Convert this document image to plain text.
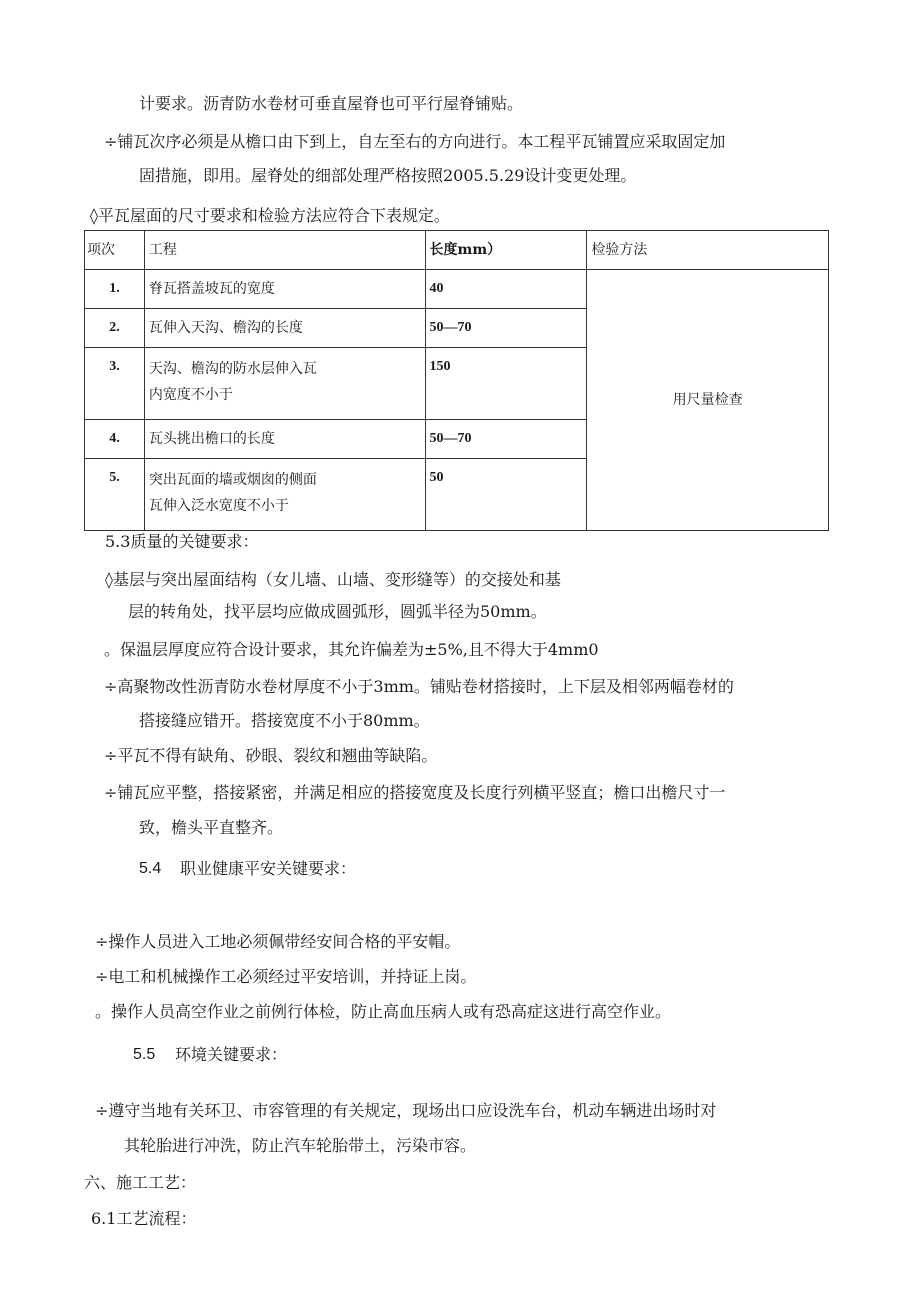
计要求。沥青防水卷材可垂直屋脊也可平行屋脊铺贴。
÷铺瓦次序必须是从檐口由下到上，自左至右的方向进行。本工程平瓦铺置应采取固定加
固措施，即用。屋脊处的细部处理严格按照2005.5.29设计变更处理。
◊平瓦屋面的尺寸要求和检验方法应符合下表规定。
项次	工程	长度mm）	检验方法

1.	脊瓦搭盖坡瓦的宽度	40	用尺量检查

2.	瓦伸入天沟、檐沟的长度	50—70	

3.	天沟、檐沟的防水层伸入瓦
内宽度不小于	150	

4.	瓦头挑出檐口的长度	50—70	

5.	突出瓦面的墙或烟囱的侧面
瓦伸入泛水宽度不小于	50	
5.3质量的关键要求：
◊基层与突出屋面结构（女儿墙、山墙、变形缝等）的交接处和基
层的转角处，找平层均应做成圆弧形，圆弧半径为50mm。
。保温层厚度应符合设计要求，其允许偏差为±5%,且不得大于4mm0
÷高聚物改性沥青防水卷材厚度不小于3mm。铺贴卷材搭接时，上下层及相邻两幅卷材的
搭接缝应错开。搭接宽度不小于80mm。
÷平瓦不得有缺角、砂眼、裂纹和翘曲等缺陷。
÷铺瓦应平整，搭接紧密，并满足相应的搭接宽度及长度行列横平竖直；檐口出檐尺寸一
致，檐头平直整齐。
5.4 职业健康平安关键要求：
÷操作人员进入工地必须佩带经安间合格的平安帽。
÷电工和机械操作工必须经过平安培训，并持证上岗。
。操作人员高空作业之前例行体检，防止高血压病人或有恐高症这进行高空作业。
5.5 环境关键要求：
÷遵守当地有关环卫、市容管理的有关规定，现场出口应设洗车台，机动车辆进出场时对
其轮胎进行冲洗，防止汽车轮胎带土，污染市容。
六、施工工艺：
6.1工艺流程：
